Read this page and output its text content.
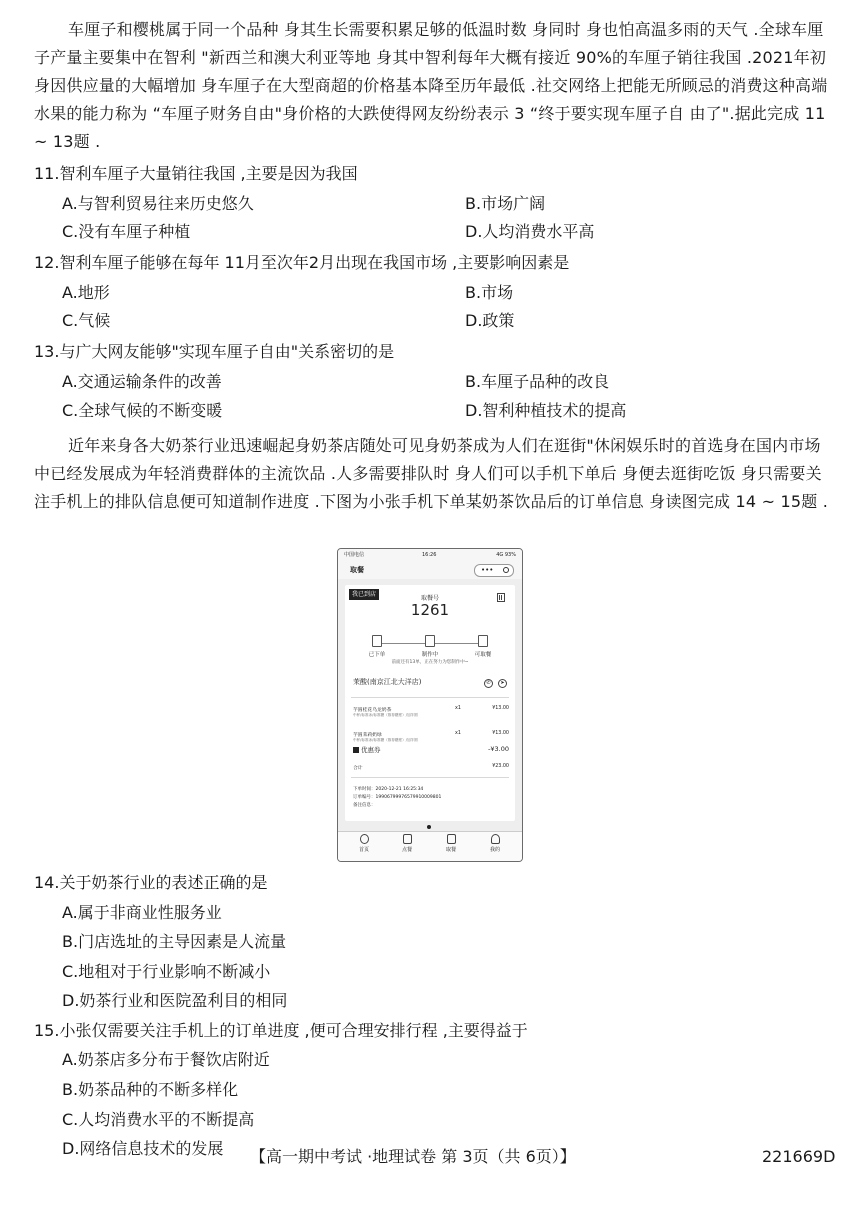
车厘子和樱桃属于同一个品种 身其生长需要积累足够的低温时数 身同时 身也怕高温多雨的天气 .全球车厘子产量主要集中在智利 "新西兰和澳大利亚等地 身其中智利每年大概有接近 90%的车厘子销往我国 .2021年初 身因供应量的大幅增加 身车厘子在大型商超的价格基本降至历年最低 .社交网络上把能无所顾忌的消费这种高端水果的能力称为 “车厘子财务自由"身价格的大跌使得网友纷纷表示 3 “终于要实现车厘子自 由了".据此完成 11 ~ 13题 .
11.智利车厘子大量销往我国 ,主要是因为我国
A.与智利贸易往来历史悠久	B.市场广阔
C.没有车厘子种植	D.人均消费水平高
12.智利车厘子能够在每年 11月至次年2月出现在我国市场 ,主要影响因素是
A.地形	B.市场
C.气候	D.政策
13.与广大网友能够"实现车厘子自由"关系密切的是
A.交通运输条件的改善	B.车厘子品种的改良
C.全球气候的不断变暖	D.智利种植技术的提高
近年来身各大奶茶行业迅速崛起身奶茶店随处可见身奶茶成为人们在逛街"休闲娱乐时的首选身在国内市场中已经发展成为年轻消费群体的主流饮品 .人多需要排队时 身人们可以手机下单后 身便去逛街吃饭 身只需要关注手机上的排队信息便可知道制作进度 .下图为小张手机下单某奶茶饮品后的订单信息 身读图完成 14 ~ 15题 .
中国电信	16:26	4G 93%
取餐	•••
我已到店
取餐号
1261
已下单	制作中	可取餐
前面还有13单，正在努力为您制作中~
茉酸(南京江北大洋店)	✆	➤
芋圆桂花乌龙奶茶
中杯/标准冰/标准糖（推荐糖度）/加芋圆
x1	¥13.00
芋圆茉莉奶绿
中杯/标准冰/标准糖（推荐糖度）/加芋圆
x1	¥13.00
优惠券	-¥3.00
合计	¥23.00
下单时间：2020-12-21 16:25:34
订单编号：19906799976579910009801
备注信息：
首页	点餐	取餐	我的
14.关于奶茶行业的表述正确的是
A.属于非商业性服务业
B.门店选址的主导因素是人流量
C.地租对于行业影响不断减小
D.奶茶行业和医院盈利目的相同
15.小张仅需要关注手机上的订单进度 ,便可合理安排行程 ,主要得益于
A.奶茶店多分布于餐饮店附近
B.奶茶品种的不断多样化
C.人均消费水平的不断提高
D.网络信息技术的发展 【高一期中考试 ·地理试卷 第 3页（共 6页）】	221669D
